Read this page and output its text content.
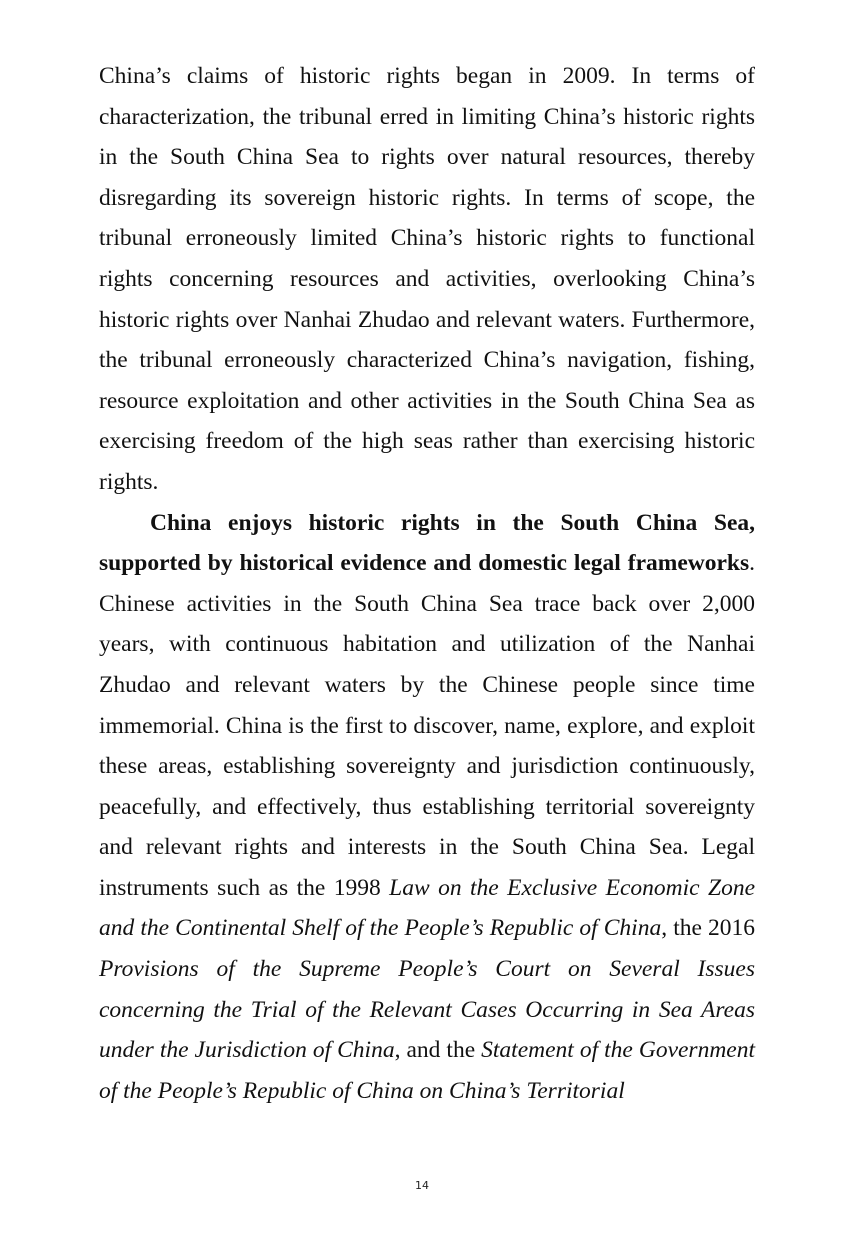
China’s claims of historic rights began in 2009. In terms of characterization, the tribunal erred in limiting China’s historic rights in the South China Sea to rights over natural resources, thereby disregarding its sovereign historic rights. In terms of scope, the tribunal erroneously limited China’s historic rights to functional rights concerning resources and activities, overlooking China’s historic rights over Nanhai Zhudao and relevant waters. Furthermore, the tribunal erroneously characterized China’s navigation, fishing, resource exploitation and other activities in the South China Sea as exercising freedom of the high seas rather than exercising historic rights.

China enjoys historic rights in the South China Sea, supported by historical evidence and domestic legal frameworks. Chinese activities in the South China Sea trace back over 2,000 years, with continuous habitation and utilization of the Nanhai Zhudao and relevant waters by the Chinese people since time immemorial. China is the first to discover, name, explore, and exploit these areas, establishing sovereignty and jurisdiction continuously, peacefully, and effectively, thus establishing territorial sovereignty and relevant rights and interests in the South China Sea. Legal instruments such as the 1998 Law on the Exclusive Economic Zone and the Continental Shelf of the People’s Republic of China, the 2016 Provisions of the Supreme People’s Court on Several Issues concerning the Trial of the Relevant Cases Occurring in Sea Areas under the Jurisdiction of China, and the Statement of the Government of the People’s Republic of China on China’s Territorial

14
